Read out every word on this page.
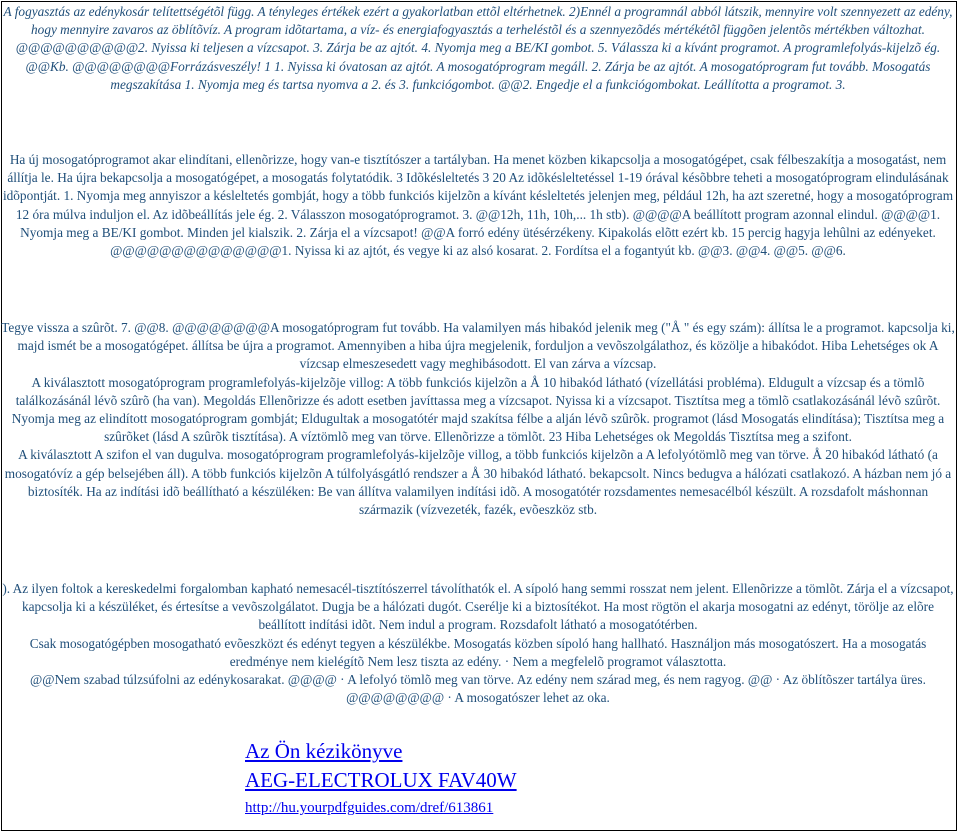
A fogyasztás az edénykosár telítettségétõl függ. A tényleges értékek ezért a gyakorlatban ettõl eltérhetnek. 2)Ennél a programnál abból látszik, mennyire volt szennyezett az edény, hogy mennyire zavaros az öblítõvíz. A program idõtartama, a víz- és energiafogyasztás a terheléstõl és a szennyezõdés mértékétõl függõen jelentõs mértékben változhat. @@@@@@@@@@2. Nyissa ki teljesen a vízcsapot. 3. Zárja be az ajtót. 4. Nyomja meg a BE/KI gombot. 5. Válassza ki a kívánt programot. A programlefolyás-kijelzõ ég. @@Kb. @@@@@@@@Forrázásveszély! 1 1. Nyissa ki óvatosan az ajtót. A mosogatóprogram megáll. 2. Zárja be az ajtót. A mosogatóprogram fut tovább. Mosogatás megszakítása 1. Nyomja meg és tartsa nyomva a 2. és 3. funkciógombot. @@2. Engedje el a funkciógombokat. Leállította a programot. 3.

Ha új mosogatóprogramot akar elindítani, ellenõrizze, hogy van-e tisztítószer a tartályban. Ha menet közben kikapcsolja a mosogatógépet, csak félbeszakítja a mosogatást, nem állítja le. Ha újra bekapcsolja a mosogatógépet, a mosogatás folytatódik. 3 Idõkésleltetés 3 20 Az idõkésleltetéssel 1-19 órával késõbbre teheti a mosogatóprogram elindulásának idõpontját. 1. Nyomja meg annyiszor a késleltetés gombját, hogy a több funkciós kijelzõn a kívánt késleltetés jelenjen meg, például 12h, ha azt szeretné, hogy a mosogatóprogram 12 óra múlva induljon el. Az idõbeállítás jele ég. 2. Válasszon mosogatóprogramot. 3. @@12h, 11h, 10h,... 1h stb). @@@@A beállított program azonnal elindul. @@@@1. Nyomja meg a BE/KI gombot. Minden jel kialszik. 2. Zárja el a vízcsapot! @@A forró edény ütésérzékeny. Kipakolás elõtt ezért kb. 15 percig hagyja lehûlni az edényeket. @@@@@@@@@@@@@@1. Nyissa ki az ajtót, és vegye ki az alsó kosarat. 2. Fordítsa el a fogantyút kb. @@3. @@4. @@5. @@6.

Tegye vissza a szûrõt. 7. @@8. @@@@@@@@A mosogatóprogram fut tovább. Ha valamilyen más hibakód jelenik meg ("Å " és egy szám): állítsa le a programot. kapcsolja ki, majd ismét be a mosogatógépet. állítsa be újra a programot. Amennyiben a hiba újra megjelenik, forduljon a vevõszolgálathoz, és közölje a hibakódot. Hiba Lehetséges ok A vízcsap elmeszesedett vagy meghibásodott. El van zárva a vízcsap.

A kiválasztott mosogatóprogram programlefolyás-kijelzõje villog: A több funkciós kijelzõn a Å 10 hibakód látható (vízellátási probléma). Eldugult a vízcsap és a tömlõ találkozásánál lévõ szûrõ (ha van). Megoldás Ellenõrizze és adott esetben javíttassa meg a vízcsapot. Nyissa ki a vízcsapot. Tisztítsa meg a tömlõ csatlakozásánál lévõ szûrõt.

Nyomja meg az elindított mosogatóprogram gombját; Eldugultak a mosogatótér majd szakítsa félbe a alján lévõ szûrõk. programot (lásd Mosogatás elindítása); Tisztítsa meg a szûrõket (lásd A szûrõk tisztítása). A víztömlõ meg van törve. Ellenõrizze a tömlõt. 23 Hiba Lehetséges ok Megoldás Tisztítsa meg a szifont.

A kiválasztott A szifon el van dugulva. mosogatóprogram programlefolyás-kijelzõje villog, a több funkciós kijelzõn a A lefolyótömlõ meg van törve. Å 20 hibakód látható (a mosogatóvíz a gép belsejében áll). A több funkciós kijelzõn A túlfolyásgátló rendszer a Å 30 hibakód látható. bekapcsolt. Nincs bedugva a hálózati csatlakozó. A házban nem jó a biztosíték. Ha az indítási idõ beállítható a készüléken: Be van állítva valamilyen indítási idõ. A mosogatótér rozsdamentes nemesacélból készült. A rozsdafolt máshonnan származik (vízvezeték, fazék, evõeszköz stb.

). Az ilyen foltok a kereskedelmi forgalomban kapható nemesacél-tisztítószerrel távolíthatók el. A sípoló hang semmi rosszat nem jelent. Ellenõrizze a tömlõt. Zárja el a vízcsapot, kapcsolja ki a készüléket, és értesítse a vevõszolgálatot. Dugja be a hálózati dugót. Cserélje ki a biztosítékot. Ha most rögtön el akarja mosogatni az edényt, törölje az elõre beállított indítási idõt. Nem indul a program. Rozsdafolt látható a mosogatótérben.

Csak mosogatógépben mosogatható evõeszközt és edényt tegyen a készülékbe. Mosogatás közben sípoló hang hallható. Használjon más mosogatószert. Ha a mosogatás eredménye nem kielégítõ Nem lesz tiszta az edény. · Nem a megfelelõ programot választotta.

@@Nem szabad túlzsúfolni az edénykosarakat. @@@@ · A lefolyó tömlõ meg van törve. Az edény nem szárad meg, és nem ragyog. @@ · Az öblítõszer tartálya üres. @@@@@@@@ · A mosogatószer lehet az oka.

Az Ön kézikönyve
AEG-ELECTROLUX FAV40W
http://hu.yourpdfguides.com/dref/613861
